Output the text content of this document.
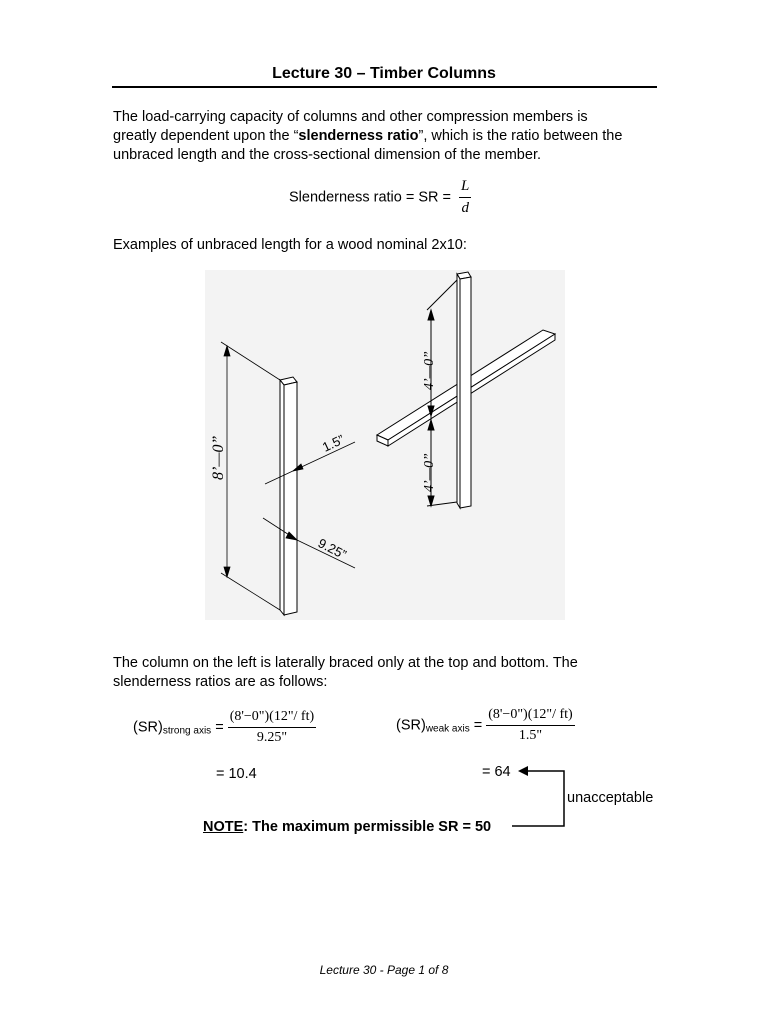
Lecture 30 – Timber Columns
The load-carrying capacity of columns and other compression members is
greatly dependent upon the “slenderness ratio”, which is the ratio between the
unbraced length and the cross-sectional dimension of the member.
Slenderness ratio = SR = $\frac{L}{d}$
Examples of unbraced length for a wood nominal 2x10:
8’—0”	1.5”
9.25”
4’—0”
4’—0”
The column on the left is laterally braced only at the top and bottom. The
slenderness ratios are as follows:
$(SR)_{strong axis} = \frac{(8'-0")(12"/ ft)}{9.25"}$
= 10.4
$(SR)_{weak axis} = \frac{(8'-0")(12"/ ft)}{1.5"}$
= 64
unacceptable
NOTE: The maximum permissible SR = 50
Lecture 30 - Page 1 of 8
